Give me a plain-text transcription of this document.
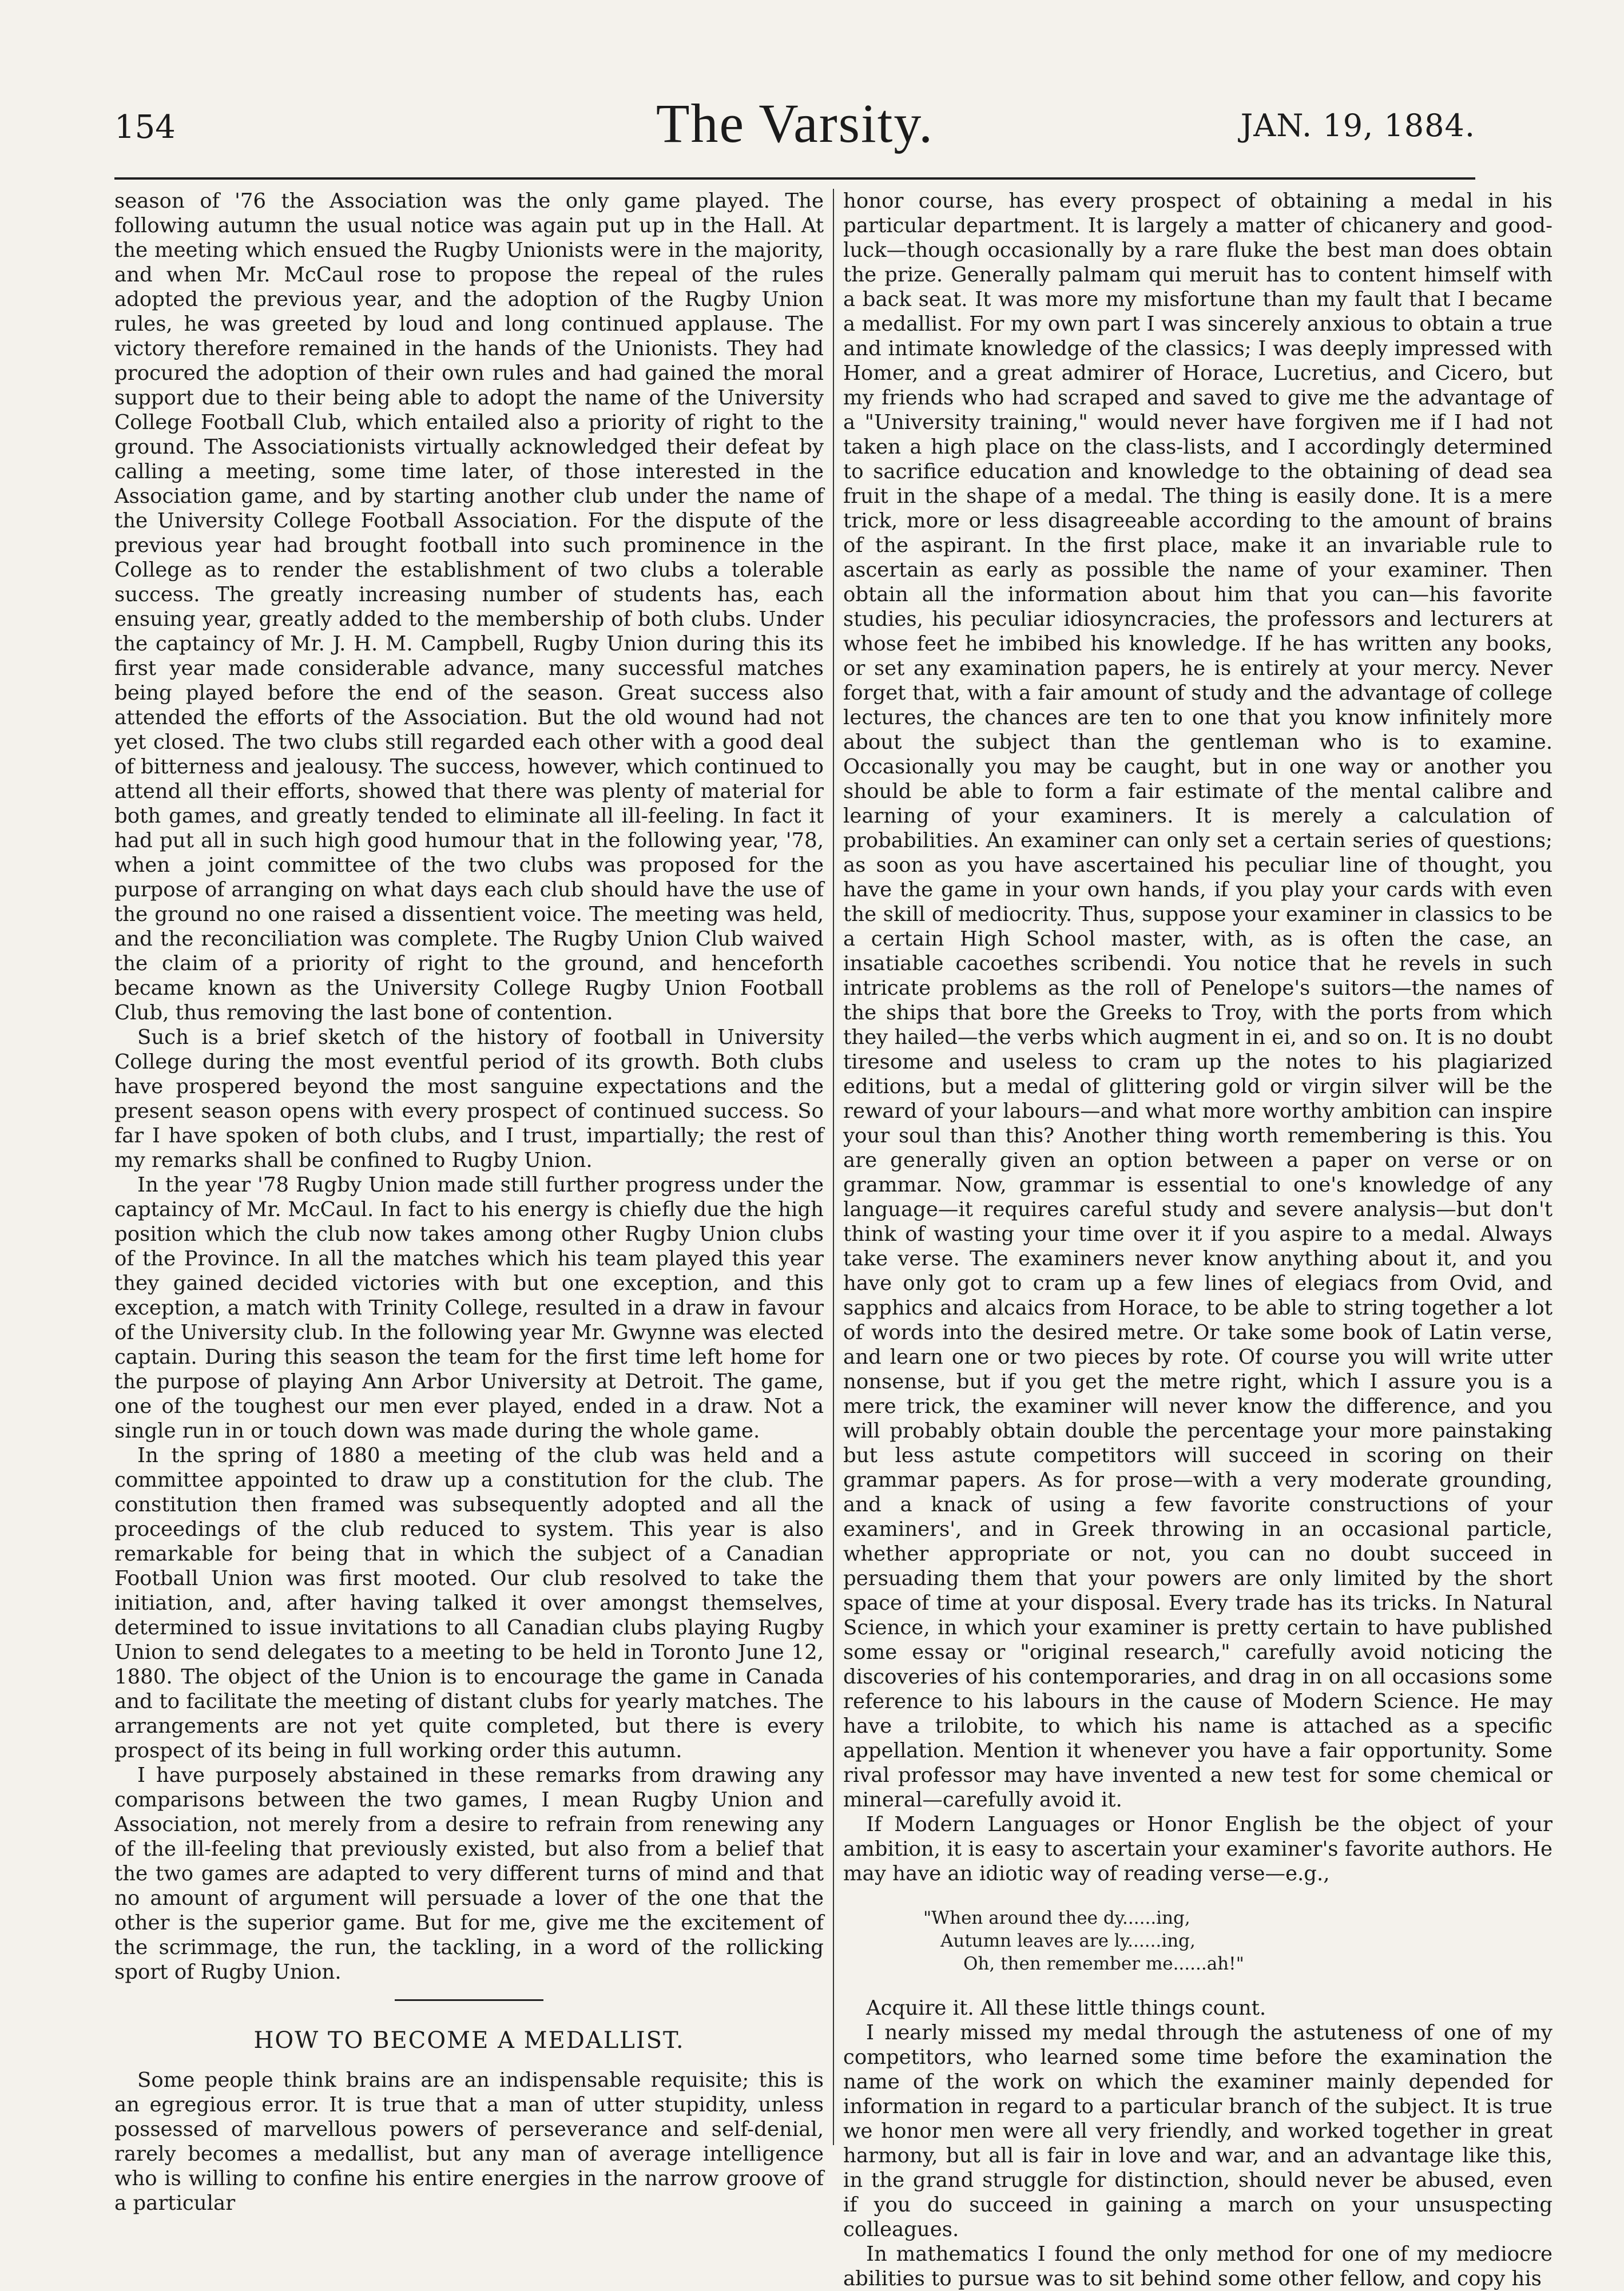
154	The Varsity.	JAN. 19, 1884.

season of '76 the Association was the only game played. The following autumn the usual notice was again put up in the Hall. At the meeting which ensued the Rugby Unionists were in the majority, and when Mr. McCaul rose to propose the repeal of the rules adopted the previous year, and the adoption of the Rugby Union rules, he was greeted by loud and long continued applause. The victory therefore remained in the hands of the Unionists. They had procured the adoption of their own rules and had gained the moral support due to their being able to adopt the name of the University College Football Club, which entailed also a priority of right to the ground. The Associationists virtually acknowledged their defeat by calling a meeting, some time later, of those interested in the Association game, and by starting another club under the name of the University College Football Association. For the dispute of the previous year had brought football into such prominence in the College as to render the establishment of two clubs a tolerable success. The greatly increasing number of students has, each ensuing year, greatly added to the membership of both clubs. Under the captaincy of Mr. J. H. M. Campbell, Rugby Union during this its first year made considerable advance, many successful matches being played before the end of the season. Great success also attended the efforts of the Association. But the old wound had not yet closed. The two clubs still regarded each other with a good deal of bitterness and jealousy. The success, however, which continued to attend all their efforts, showed that there was plenty of material for both games, and greatly tended to eliminate all ill-feeling. In fact it had put all in such high good humour that in the following year, '78, when a joint committee of the two clubs was proposed for the purpose of arranging on what days each club should have the use of the ground no one raised a dissentient voice. The meeting was held, and the reconciliation was complete. The Rugby Union Club waived the claim of a priority of right to the ground, and henceforth became known as the University College Rugby Union Football Club, thus removing the last bone of contention.

Such is a brief sketch of the history of football in University College during the most eventful period of its growth. Both clubs have prospered beyond the most sanguine expectations and the present season opens with every prospect of continued success. So far I have spoken of both clubs, and I trust, impartially; the rest of my remarks shall be confined to Rugby Union.

In the year '78 Rugby Union made still further progress under the captaincy of Mr. McCaul. In fact to his energy is chiefly due the high position which the club now takes among other Rugby Union clubs of the Province. In all the matches which his team played this year they gained decided victories with but one exception, and this exception, a match with Trinity College, resulted in a draw in favour of the University club. In the following year Mr. Gwynne was elected captain. During this season the team for the first time left home for the purpose of playing Ann Arbor University at Detroit. The game, one of the toughest our men ever played, ended in a draw. Not a single run in or touch down was made during the whole game.

In the spring of 1880 a meeting of the club was held and a committee appointed to draw up a constitution for the club. The constitution then framed was subsequently adopted and all the proceedings of the club reduced to system. This year is also remarkable for being that in which the subject of a Canadian Football Union was first mooted. Our club resolved to take the initiation, and, after having talked it over amongst themselves, determined to issue invitations to all Canadian clubs playing Rugby Union to send delegates to a meeting to be held in Toronto June 12, 1880. The object of the Union is to encourage the game in Canada and to facilitate the meeting of distant clubs for yearly matches. The arrangements are not yet quite completed, but there is every prospect of its being in full working order this autumn.

I have purposely abstained in these remarks from drawing any comparisons between the two games, I mean Rugby Union and Association, not merely from a desire to refrain from renewing any of the ill-feeling that previously existed, but also from a belief that the two games are adapted to very different turns of mind and that no amount of argument will persuade a lover of the one that the other is the superior game. But for me, give me the excitement of the scrimmage, the run, the tackling, in a word of the rollicking sport of Rugby Union.

HOW TO BECOME A MEDALLIST.

Some people think brains are an indispensable requisite; this is an egregious error. It is true that a man of utter stupidity, unless possessed of marvellous powers of perseverance and self-denial, rarely becomes a medallist, but any man of average intelligence who is willing to confine his entire energies in the narrow groove of a particular

honor course, has every prospect of obtaining a medal in his particular department. It is largely a matter of chicanery and good-luck—though occasionally by a rare fluke the best man does obtain the prize. Generally palmam qui meruit has to content himself with a back seat. It was more my misfortune than my fault that I became a medallist. For my own part I was sincerely anxious to obtain a true and intimate knowledge of the classics; I was deeply impressed with Homer, and a great admirer of Horace, Lucretius, and Cicero, but my friends who had scraped and saved to give me the advantage of a "University training," would never have forgiven me if I had not taken a high place on the class-lists, and I accordingly determined to sacrifice education and knowledge to the obtaining of dead sea fruit in the shape of a medal. The thing is easily done. It is a mere trick, more or less disagreeable according to the amount of brains of the aspirant. In the first place, make it an invariable rule to ascertain as early as possible the name of your examiner. Then obtain all the information about him that you can—his favorite studies, his peculiar idiosyncracies, the professors and lecturers at whose feet he imbibed his knowledge. If he has written any books, or set any examination papers, he is entirely at your mercy. Never forget that, with a fair amount of study and the advantage of college lectures, the chances are ten to one that you know infinitely more about the subject than the gentleman who is to examine. Occasionally you may be caught, but in one way or another you should be able to form a fair estimate of the mental calibre and learning of your examiners. It is merely a calculation of probabilities. An examiner can only set a certain series of questions; as soon as you have ascertained his peculiar line of thought, you have the game in your own hands, if you play your cards with even the skill of mediocrity. Thus, suppose your examiner in classics to be a certain High School master, with, as is often the case, an insatiable cacoethes scribendi. You notice that he revels in such intricate problems as the roll of Penelope's suitors—the names of the ships that bore the Greeks to Troy, with the ports from which they hailed—the verbs which augment in ei, and so on. It is no doubt tiresome and useless to cram up the notes to his plagiarized editions, but a medal of glittering gold or virgin silver will be the reward of your labours—and what more worthy ambition can inspire your soul than this? Another thing worth remembering is this. You are generally given an option between a paper on verse or on grammar. Now, grammar is essential to one's knowledge of any language—it requires careful study and severe analysis—but don't think of wasting your time over it if you aspire to a medal. Always take verse. The examiners never know anything about it, and you have only got to cram up a few lines of elegiacs from Ovid, and sapphics and alcaics from Horace, to be able to string together a lot of words into the desired metre. Or take some book of Latin verse, and learn one or two pieces by rote. Of course you will write utter nonsense, but if you get the metre right, which I assure you is a mere trick, the examiner will never know the difference, and you will probably obtain double the percentage your more painstaking but less astute competitors will succeed in scoring on their grammar papers. As for prose—with a very moderate grounding, and a knack of using a few favorite constructions of your examiners', and in Greek throwing in an occasional particle, whether appropriate or not, you can no doubt succeed in persuading them that your powers are only limited by the short space of time at your disposal. Every trade has its tricks. In Natural Science, in which your examiner is pretty certain to have published some essay or "original research," carefully avoid noticing the discoveries of his contemporaries, and drag in on all occasions some reference to his labours in the cause of Modern Science. He may have a trilobite, to which his name is attached as a specific appellation. Mention it whenever you have a fair opportunity. Some rival professor may have invented a new test for some chemical or mineral—carefully avoid it.

If Modern Languages or Honor English be the object of your ambition, it is easy to ascertain your examiner's favorite authors. He may have an idiotic way of reading verse—e.g.,

"When around thee dy......ing,
Autumn leaves are ly......ing,
Oh, then remember me......ah!"

Acquire it. All these little things count.

I nearly missed my medal through the astuteness of one of my competitors, who learned some time before the examination the name of the work on which the examiner mainly depended for information in regard to a particular branch of the subject. It is true we honor men were all very friendly, and worked together in great harmony, but all is fair in love and war, and an advantage like this, in the grand struggle for distinction, should never be abused, even if you do succeed in gaining a march on your unsuspecting colleagues.

In mathematics I found the only method for one of my mediocre abilities to pursue was to sit behind some other fellow, and copy his
